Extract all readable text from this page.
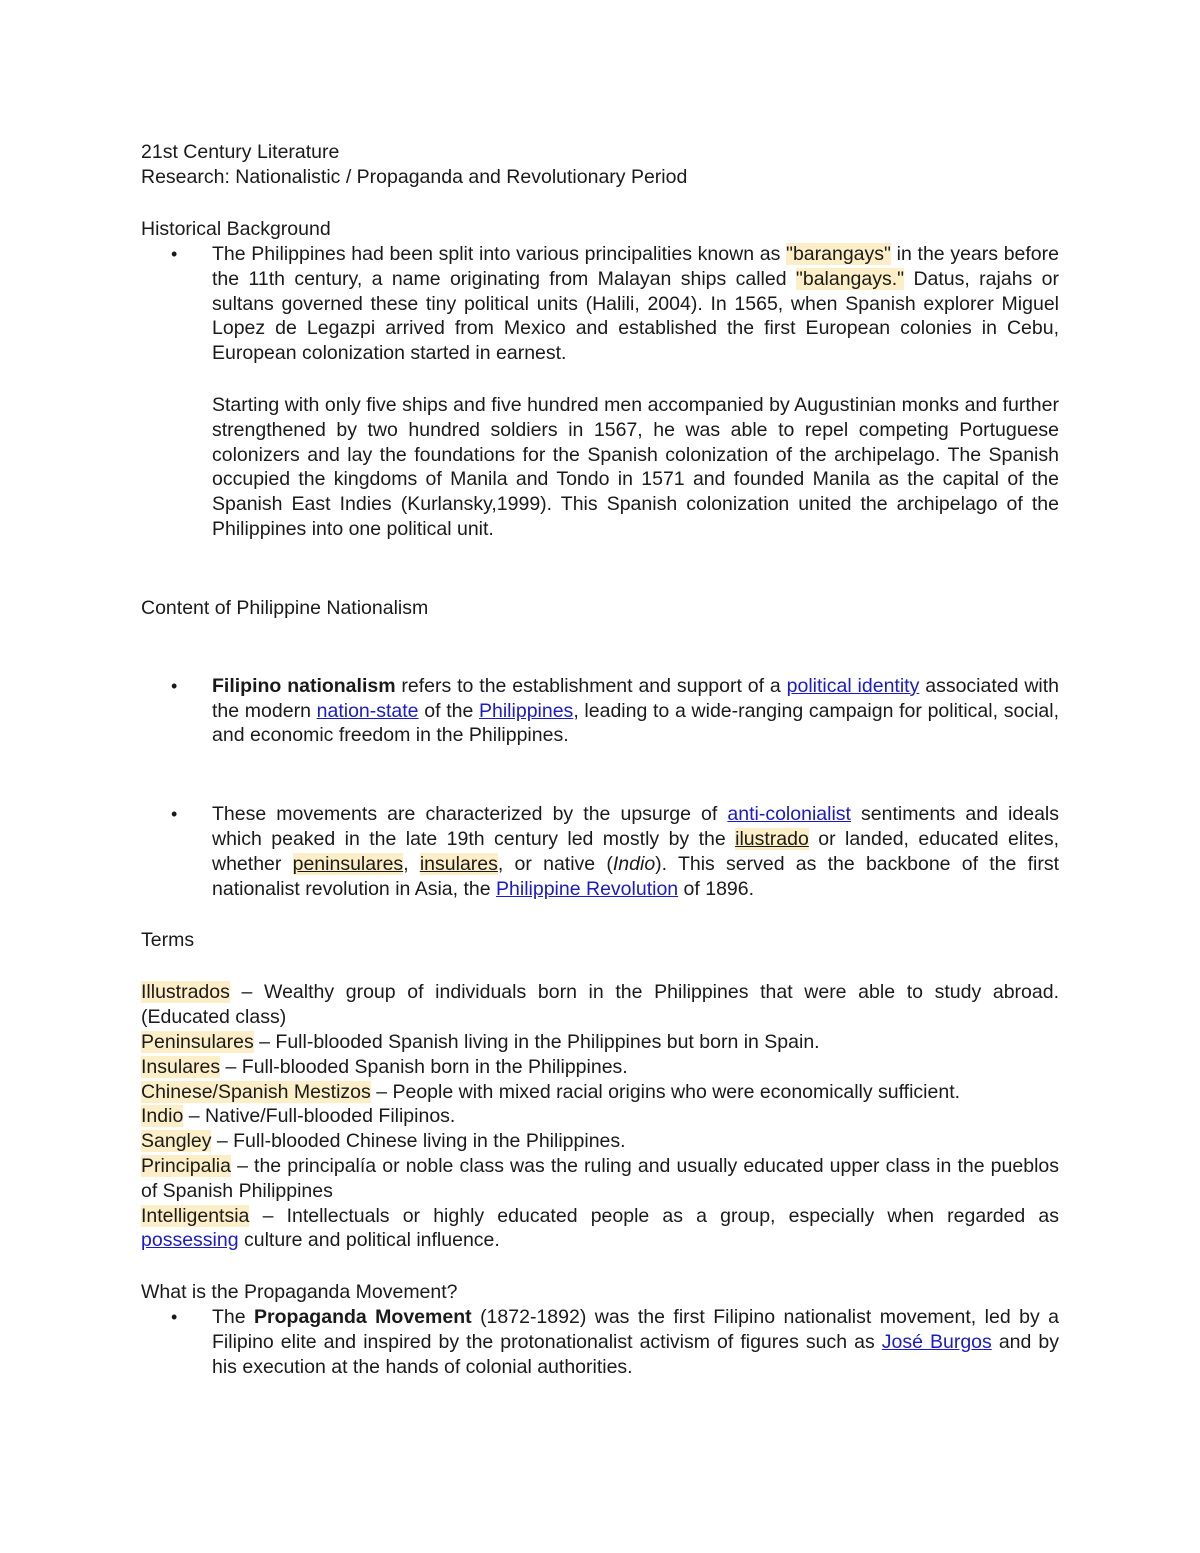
21st Century Literature

Research: Nationalistic / Propaganda and Revolutionary Period

Historical Background

• The Philippines had been split into various principalities known as "barangays" in the years before the 11th century, a name originating from Malayan ships called "balangays." Datus, rajahs or sultans governed these tiny political units (Halili, 2004). In 1565, when Spanish explorer Miguel Lopez de Legazpi arrived from Mexico and established the first European colonies in Cebu, European colonization started in earnest.

Starting with only five ships and five hundred men accompanied by Augustinian monks and further strengthened by two hundred soldiers in 1567, he was able to repel competing Portuguese colonizers and lay the foundations for the Spanish colonization of the archipelago. The Spanish occupied the kingdoms of Manila and Tondo in 1571 and founded Manila as the capital of the Spanish East Indies (Kurlansky,1999). This Spanish colonization united the archipelago of the Philippines into one political unit.

Content of Philippine Nationalism

• Filipino nationalism refers to the establishment and support of a political identity associated with the modern nation-state of the Philippines, leading to a wide-ranging campaign for political, social, and economic freedom in the Philippines.

• These movements are characterized by the upsurge of anti-colonialist sentiments and ideals which peaked in the late 19th century led mostly by the ilustrado or landed, educated elites, whether peninsulares, insulares, or native (Indio). This served as the backbone of the first nationalist revolution in Asia, the Philippine Revolution of 1896.

Terms

Illustrados – Wealthy group of individuals born in the Philippines that were able to study abroad. (Educated class)

Peninsulares – Full-blooded Spanish living in the Philippines but born in Spain.

Insulares – Full-blooded Spanish born in the Philippines.

Chinese/Spanish Mestizos – People with mixed racial origins who were economically sufficient.

Indio – Native/Full-blooded Filipinos.

Sangley – Full-blooded Chinese living in the Philippines.

Principalia – the principalía or noble class was the ruling and usually educated upper class in the pueblos of Spanish Philippines

Intelligentsia – Intellectuals or highly educated people as a group, especially when regarded as possessing culture and political influence.

What is the Propaganda Movement?

• The Propaganda Movement (1872-1892) was the first Filipino nationalist movement, led by a Filipino elite and inspired by the protonationalist activism of figures such as José Burgos and by his execution at the hands of colonial authorities.
